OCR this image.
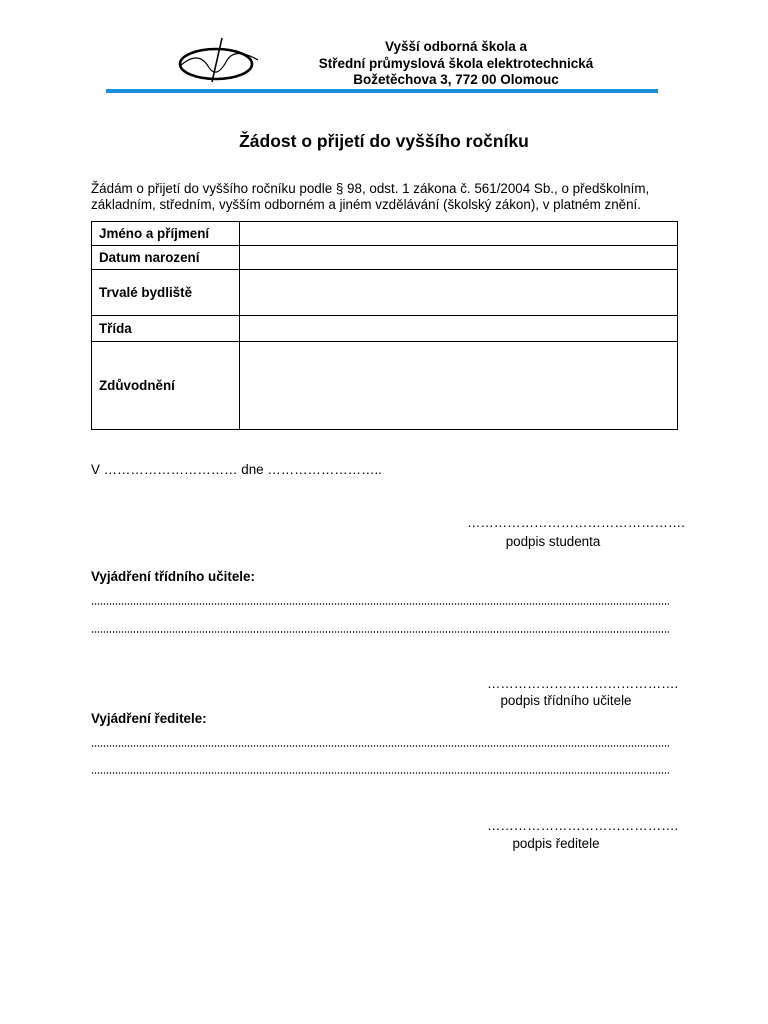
Vyšší odborná škola a
Střední průmyslová škola elektrotechnická
Božetěchova 3, 772 00 Olomouc
Žádost o přijetí do vyššího ročníku
Žádám o přijetí do vyššího ročníku podle § 98, odst. 1 zákona č. 561/2004 Sb., o předškolním,
základním, středním, vyšším odborném a jiném vzdělávání (školský zákon), v platném znění.
Jméno a příjmení	
Datum narození	
Trvalé bydliště	
Třída	
Zdůvodnění	
V ………………………… dne ……………………..
………………………………………….
podpis studenta
Vyjádření třídního učitele:
…………………………………….
podpis třídního učitele
Vyjádření ředitele:
…………………………………….
podpis ředitele
